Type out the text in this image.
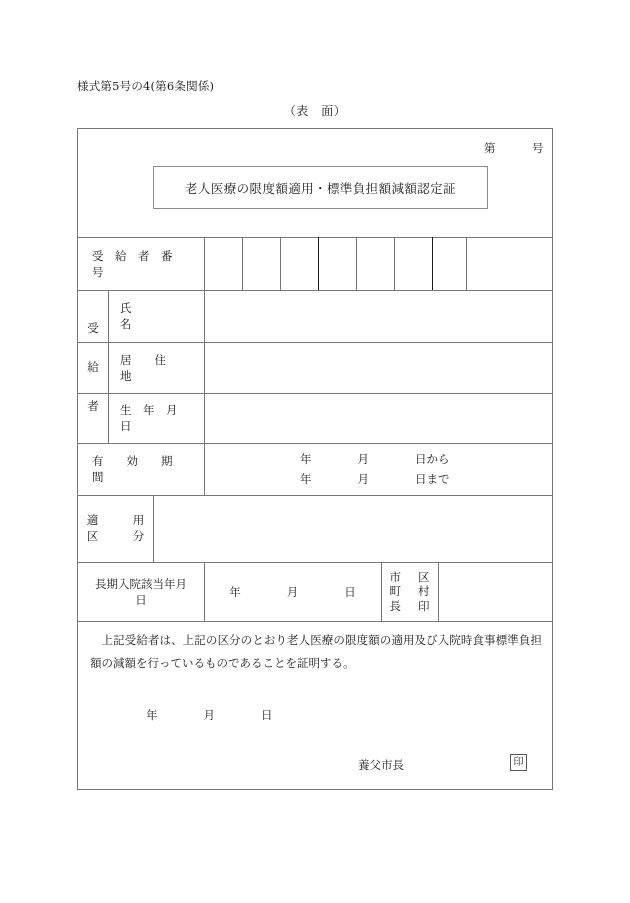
様式第5号の4(第6条関係)
（表　面）
第　　　号
老人医療の限度額適用・標準負担額減額認定証
受　給　者　番　号
受
給
者
氏　　　　　名
居　　住　　地
生　年　月　日
有　　効　　期　　間
年　　　　月　　　　日から
年　　　　月　　　　日まで
適　　　用
区　　　分
長期入院該当年月日
年　　　　月　　　　日
市 区
町 村
長 印

上記受給者は、上記の区分のとおり老人医療の限度額の適用及び入院時食事標準負担額の減額を行っているものであることを証明する。

年　　　　月　　　　日
養父市長	印
